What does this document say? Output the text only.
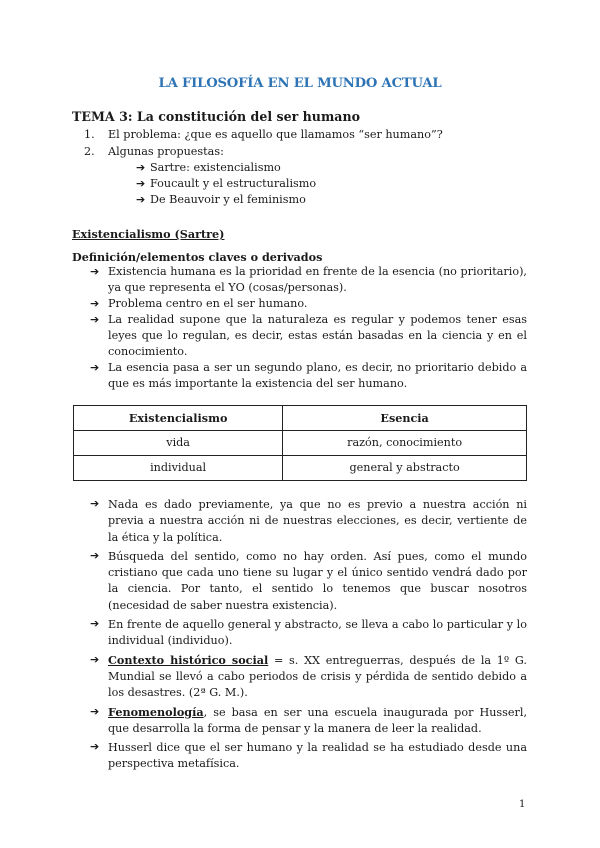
LA FILOSOFÍA EN EL MUNDO ACTUAL
TEMA 3: La constitución del ser humano
1.	El problema: ¿que es aquello que llamamos “ser humano”?
2.	Algunas propuestas:
➔ Sartre: existencialismo
➔ Foucault y el estructuralismo
➔ De Beauvoir y el feminismo
Existencialismo (Sartre)
Definición/elementos claves o derivados
➔ Existencia humana es la prioridad en frente de la esencia (no prioritario), ya que representa el YO (cosas/personas).
➔ Problema centro en el ser humano.
➔ La realidad supone que la naturaleza es regular y podemos tener esas leyes que lo regulan, es decir, estas están basadas en la ciencia y en el conocimiento.
➔ La esencia pasa a ser un segundo plano, es decir, no prioritario debido a que es más importante la existencia del ser humano.
Existencialismo	Esencia
vida	razón, conocimiento
individual	general y abstracto
➔ Nada es dado previamente, ya que no es previo a nuestra acción ni previa a nuestra acción ni de nuestras elecciones, es decir, vertiente de la ética y la política.
➔ Búsqueda del sentido, como no hay orden. Así pues, como el mundo cristiano que cada uno tiene su lugar y el único sentido vendrá dado por la ciencia. Por tanto, el sentido lo tenemos que buscar nosotros (necesidad de saber nuestra existencia).
➔ En frente de aquello general y abstracto, se lleva a cabo lo particular y lo individual (individuo).
➔ Contexto histórico social = s. XX entreguerras, después de la 1º G. Mundial se llevó a cabo periodos de crisis y pérdida de sentido debido a los desastres. (2ª G. M.).
➔ Fenomenología, se basa en ser una escuela inaugurada por Husserl, que desarrolla la forma de pensar y la manera de leer la realidad.
➔ Husserl dice que el ser humano y la realidad se ha estudiado desde una perspectiva metafísica.
1
